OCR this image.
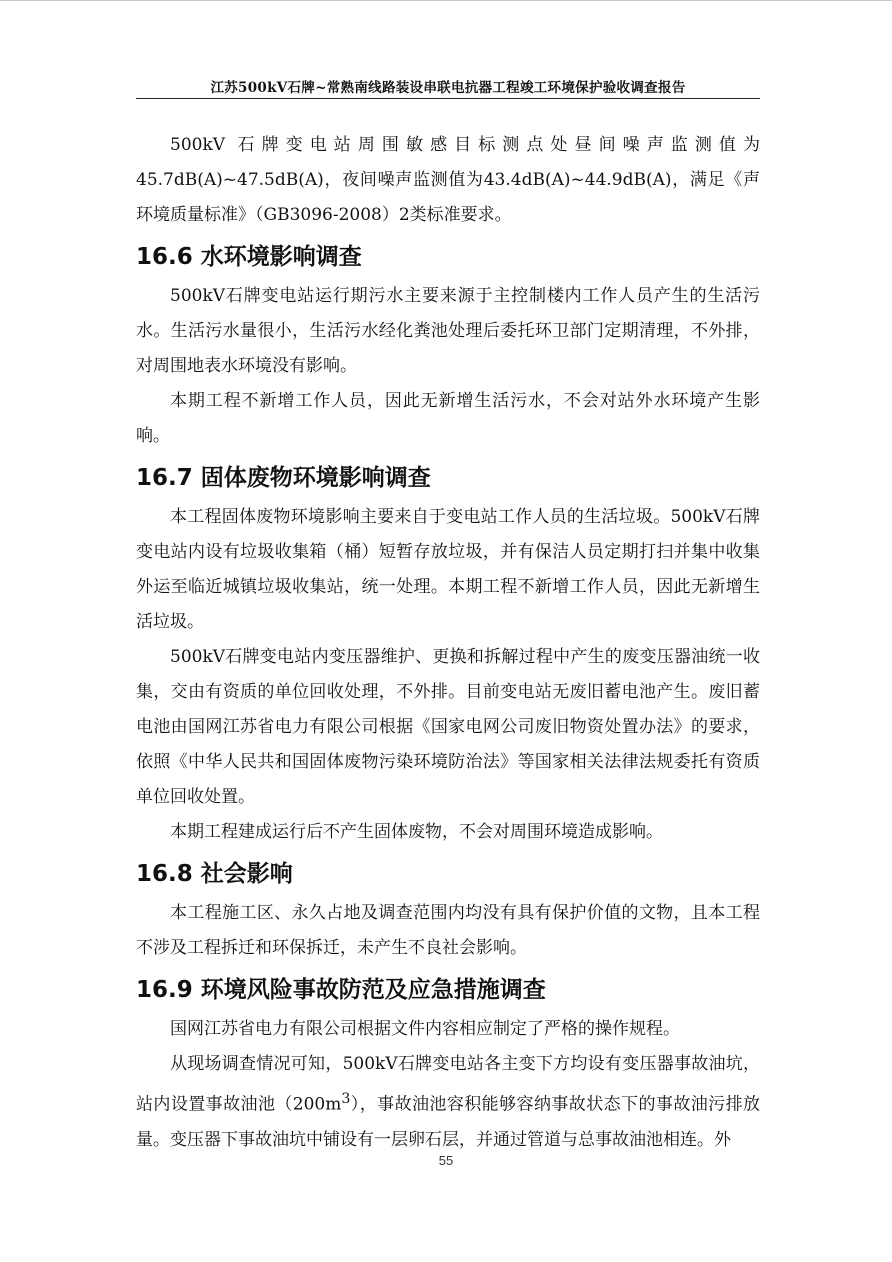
江苏500kV石牌~常熟南线路装设串联电抗器工程竣工环境保护验收调查报告

500kV 石牌变电站周围敏感目标测点处昼间噪声监测值为45.7dB(A)~47.5dB(A)，夜间噪声监测值为43.4dB(A)~44.9dB(A)，满足《声环境质量标准》（GB3096-2008）2类标准要求。

16.6 水环境影响调查

500kV石牌变电站运行期污水主要来源于主控制楼内工作人员产生的生活污水。生活污水量很小，生活污水经化粪池处理后委托环卫部门定期清理，不外排，对周围地表水环境没有影响。

本期工程不新增工作人员，因此无新增生活污水，不会对站外水环境产生影响。

16.7 固体废物环境影响调查

本工程固体废物环境影响主要来自于变电站工作人员的生活垃圾。500kV石牌变电站内设有垃圾收集箱（桶）短暂存放垃圾，并有保洁人员定期打扫并集中收集外运至临近城镇垃圾收集站，统一处理。本期工程不新增工作人员，因此无新增生活垃圾。

500kV石牌变电站内变压器维护、更换和拆解过程中产生的废变压器油统一收集，交由有资质的单位回收处理，不外排。目前变电站无废旧蓄电池产生。废旧蓄电池由国网江苏省电力有限公司根据《国家电网公司废旧物资处置办法》的要求，依照《中华人民共和国固体废物污染环境防治法》等国家相关法律法规委托有资质单位回收处置。

本期工程建成运行后不产生固体废物，不会对周围环境造成影响。

16.8 社会影响

本工程施工区、永久占地及调查范围内均没有具有保护价值的文物，且本工程不涉及工程拆迁和环保拆迁，未产生不良社会影响。

16.9 环境风险事故防范及应急措施调查

国网江苏省电力有限公司根据文件内容相应制定了严格的操作规程。

从现场调查情况可知，500kV石牌变电站各主变下方均设有变压器事故油坑，站内设置事故油池$(200m^3)$，事故油池容积能够容纳事故状态下的事故油污排放量。变压器下事故油坑中铺设有一层卵石层，并通过管道与总事故油池相连。外

55
